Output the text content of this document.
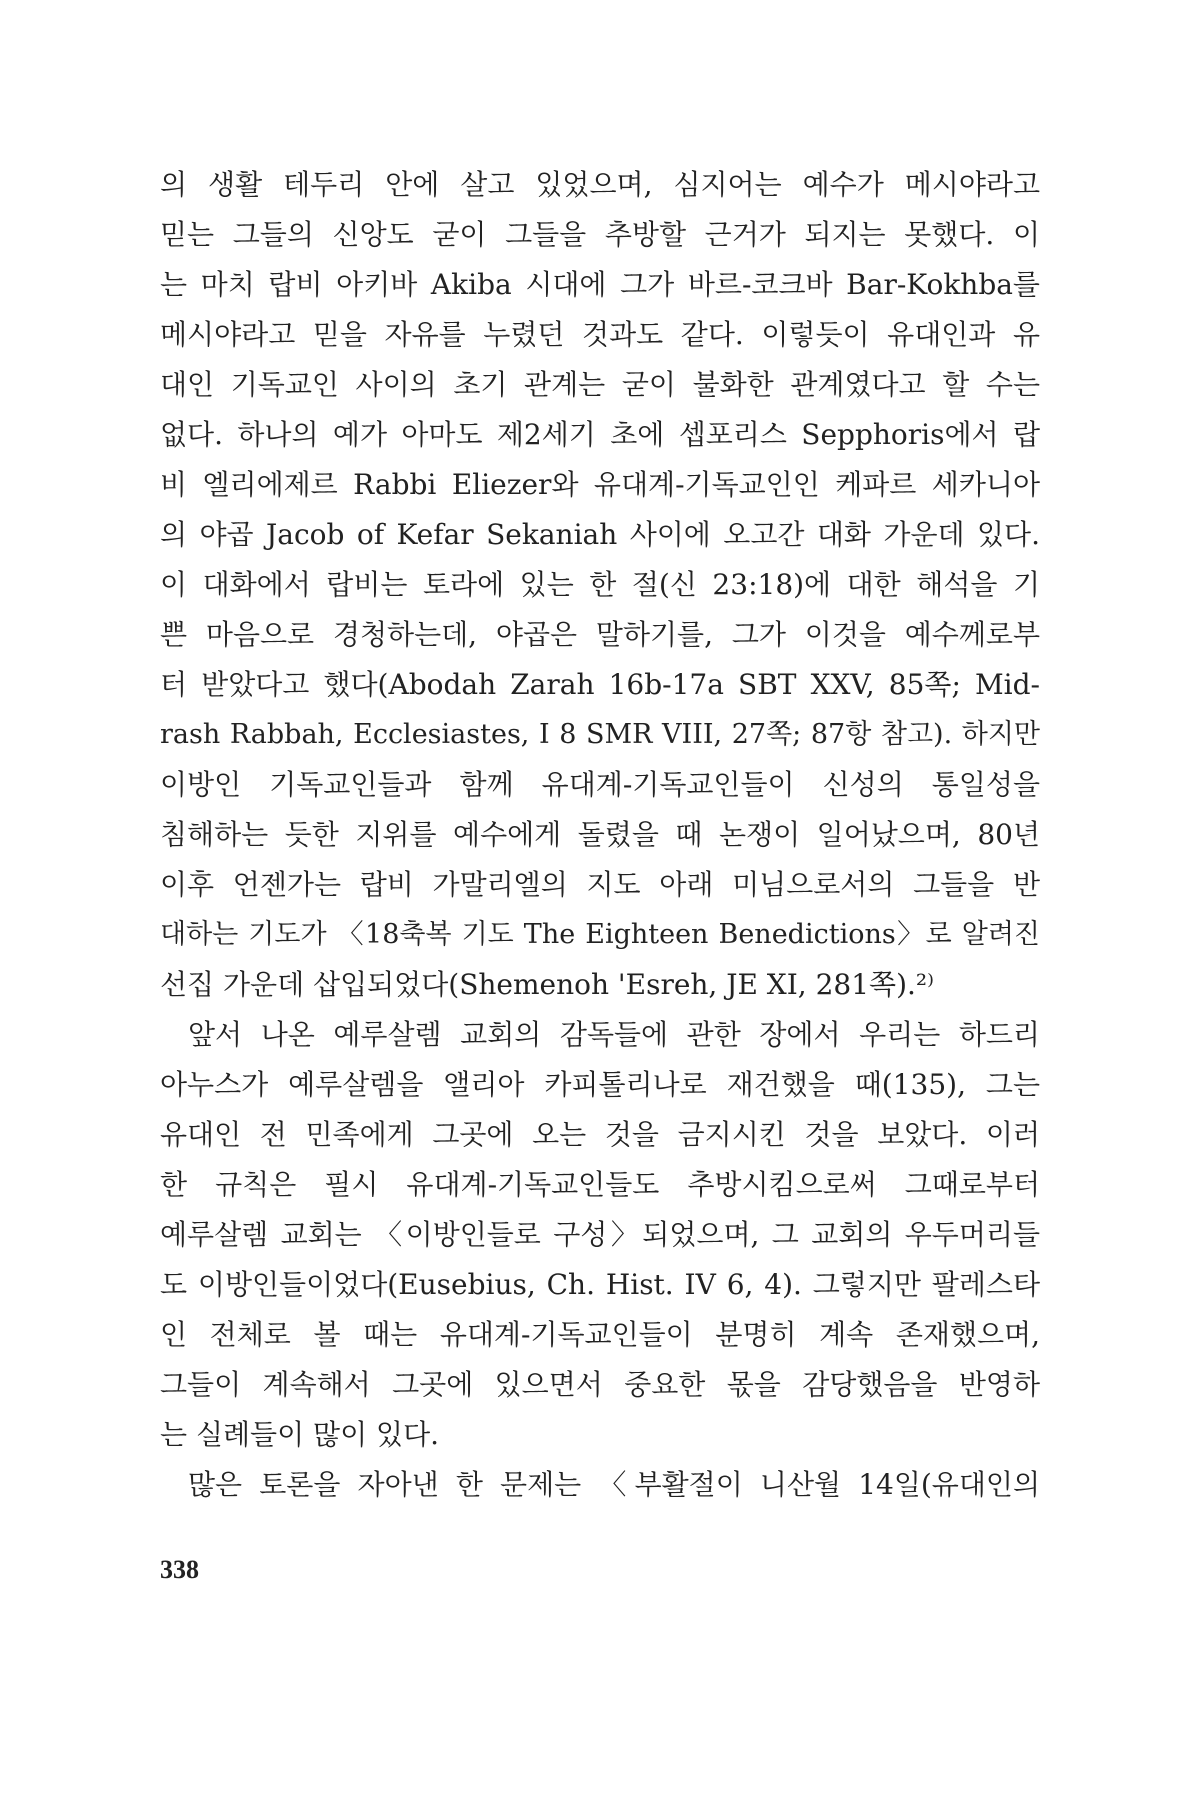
의 생활 테두리 안에 살고 있었으며, 심지어는 예수가 메시야라고
믿는 그들의 신앙도 굳이 그들을 추방할 근거가 되지는 못했다. 이
는 마치 랍비 아키바 Akiba 시대에 그가 바르-코크바 Bar-Kokhba를
메시야라고 믿을 자유를 누렸던 것과도 같다. 이렇듯이 유대인과 유
대인 기독교인 사이의 초기 관계는 굳이 불화한 관계였다고 할 수는
없다. 하나의 예가 아마도 제2세기 초에 셉포리스 Sepphoris에서 랍
비 엘리에제르 Rabbi Eliezer와 유대계-기독교인인 케파르 세카니아
의 야곱 Jacob of Kefar Sekaniah 사이에 오고간 대화 가운데 있다.
이 대화에서 랍비는 토라에 있는 한 절(신 23:18)에 대한 해석을 기
쁜 마음으로 경청하는데, 야곱은 말하기를, 그가 이것을 예수께로부
터 받았다고 했다(Abodah Zarah 16b-17a SBT XXV, 85쪽; Mid-
rash Rabbah, Ecclesiastes, I 8 SMR VIII, 27쪽; 87항 참고). 하지만
이방인 기독교인들과 함께 유대계-기독교인들이 신성의 통일성을
침해하는 듯한 지위를 예수에게 돌렸을 때 논쟁이 일어났으며, 80년
이후 언젠가는 랍비 가말리엘의 지도 아래 미님으로서의 그들을 반
대하는 기도가 〈18축복 기도 The Eighteen Benedictions〉로 알려진
선집 가운데 삽입되었다(Shemenoh 'Esreh, JE XI, 281쪽).²⁾
앞서 나온 예루살렘 교회의 감독들에 관한 장에서 우리는 하드리
아누스가 예루살렘을 앨리아 카피톨리나로 재건했을 때(135), 그는
유대인 전 민족에게 그곳에 오는 것을 금지시킨 것을 보았다. 이러
한 규칙은 필시 유대계-기독교인들도 추방시킴으로써 그때로부터
예루살렘 교회는 〈이방인들로 구성〉되었으며, 그 교회의 우두머리들
도 이방인들이었다(Eusebius, Ch. Hist. IV 6, 4). 그렇지만 팔레스타
인 전체로 볼 때는 유대계-기독교인들이 분명히 계속 존재했으며,
그들이 계속해서 그곳에 있으면서 중요한 몫을 감당했음을 반영하
는 실례들이 많이 있다.
많은 토론을 자아낸 한 문제는 〈부활절이 니산월 14일(유대인의
338
